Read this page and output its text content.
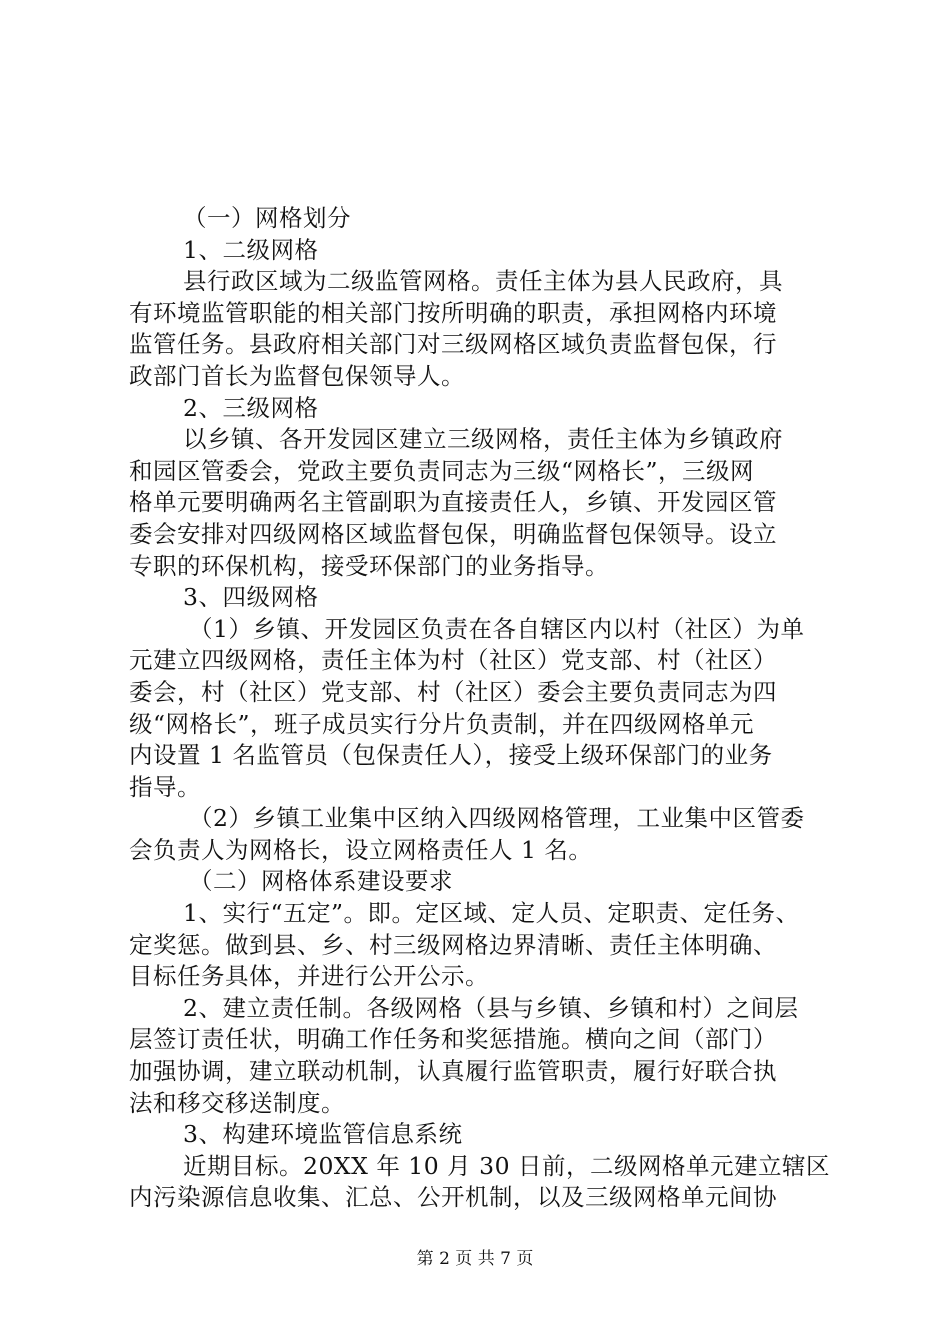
（一）网格划分
1、二级网格
县行政区域为二级监管网格。责任主体为县人民政府，具
有环境监管职能的相关部门按所明确的职责，承担网格内环境
监管任务。县政府相关部门对三级网格区域负责监督包保，行
政部门首长为监督包保领导人。
2、三级网格
以乡镇、各开发园区建立三级网格，责任主体为乡镇政府
和园区管委会，党政主要负责同志为三级“网格长”，三级网
格单元要明确两名主管副职为直接责任人，乡镇、开发园区管
委会安排对四级网格区域监督包保，明确监督包保领导。设立
专职的环保机构，接受环保部门的业务指导。
3、四级网格
（1）乡镇、开发园区负责在各自辖区内以村（社区）为单
元建立四级网格，责任主体为村（社区）党支部、村（社区）
委会，村（社区）党支部、村（社区）委会主要负责同志为四
级“网格长”，班子成员实行分片负责制，并在四级网格单元
内设置 1 名监管员（包保责任人），接受上级环保部门的业务
指导。
（2）乡镇工业集中区纳入四级网格管理，工业集中区管委
会负责人为网格长，设立网格责任人 1 名。
（二）网格体系建设要求
1、实行“五定”。即。定区域、定人员、定职责、定任务、
定奖惩。做到县、乡、村三级网格边界清晰、责任主体明确、
目标任务具体，并进行公开公示。
2、建立责任制。各级网格（县与乡镇、乡镇和村）之间层
层签订责任状，明确工作任务和奖惩措施。横向之间（部门）
加强协调，建立联动机制，认真履行监管职责，履行好联合执
法和移交移送制度。
3、构建环境监管信息系统
近期目标。20XX 年 10 月 30 日前，二级网格单元建立辖区
内污染源信息收集、汇总、公开机制，以及三级网格单元间协
第 2 页 共 7 页
